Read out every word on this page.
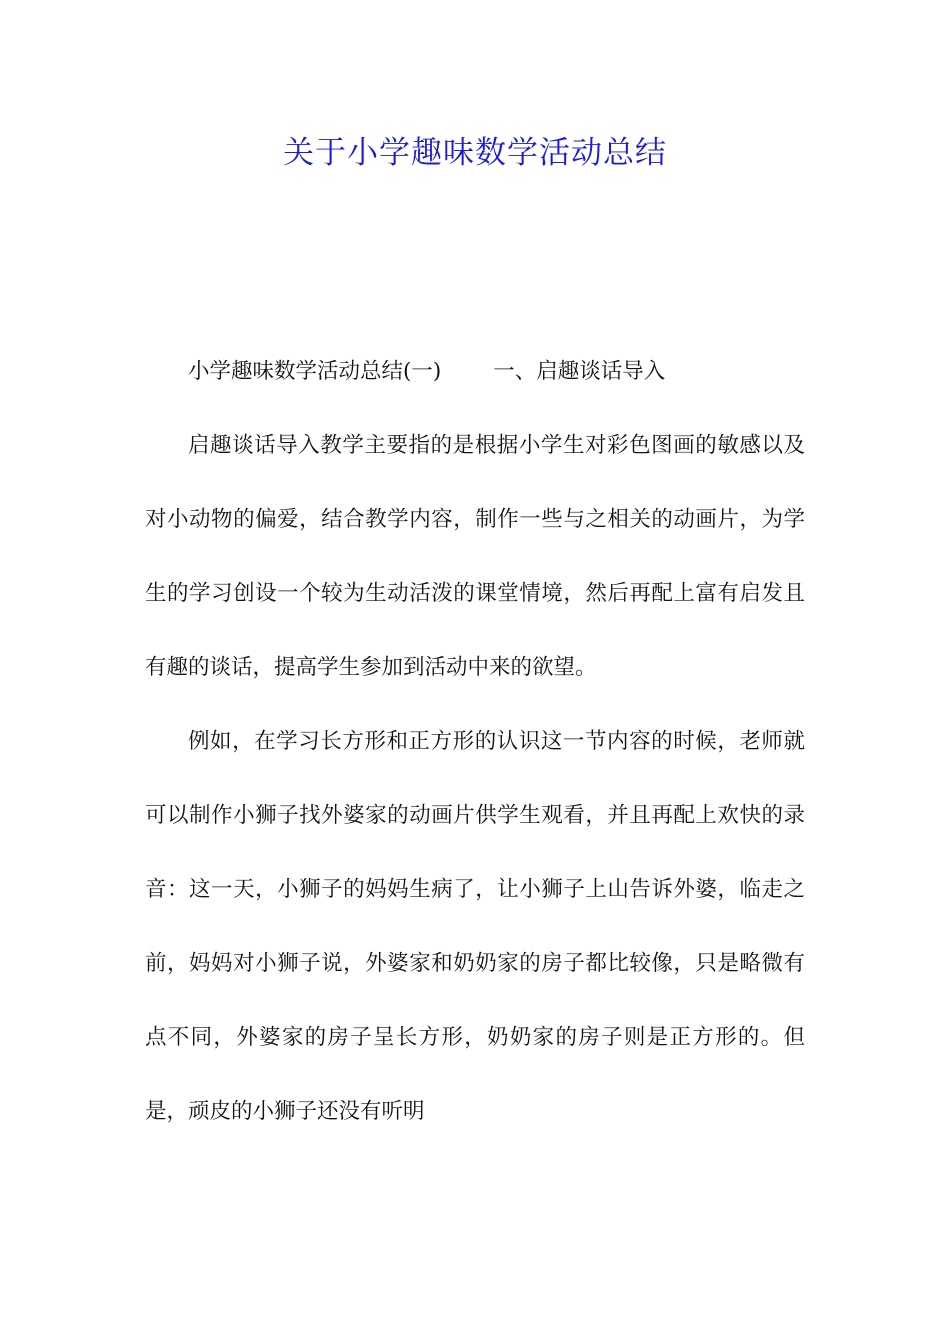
关于小学趣味数学活动总结

小学趣味数学活动总结(一) 一、启趣谈话导入

启趣谈话导入教学主要指的是根据小学生对彩色图画的敏感以及对小动物的偏爱，结合教学内容，制作一些与之相关的动画片，为学生的学习创设一个较为生动活泼的课堂情境，然后再配上富有启发且有趣的谈话，提高学生参加到活动中来的欲望。

例如，在学习长方形和正方形的认识这一节内容的时候，老师就可以制作小狮子找外婆家的动画片供学生观看，并且再配上欢快的录音：这一天，小狮子的妈妈生病了，让小狮子上山告诉外婆，临走之前，妈妈对小狮子说，外婆家和奶奶家的房子都比较像，只是略微有点不同，外婆家的房子呈长方形，奶奶家的房子则是正方形的。但是，顽皮的小狮子还没有听明
